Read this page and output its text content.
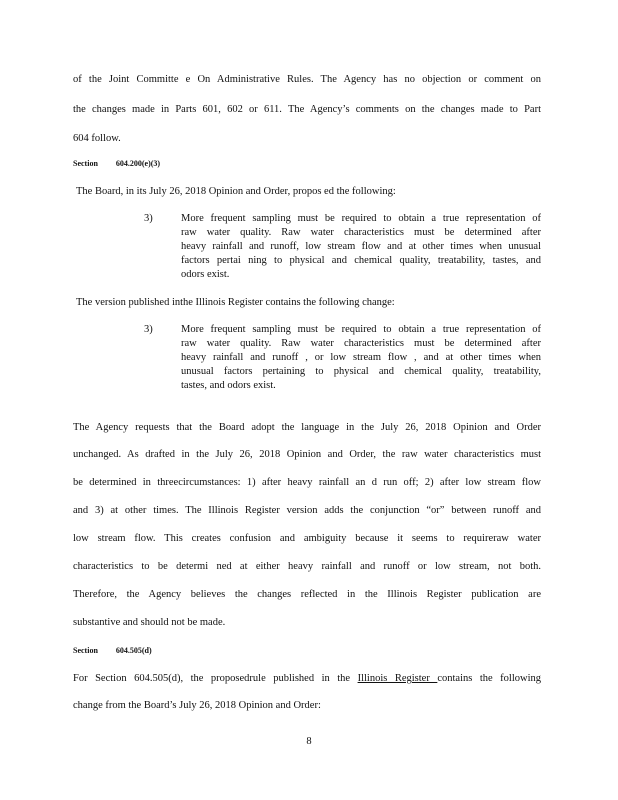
of the Joint Committe e On Administrative Rules. The Agency has no objection or comment on
the changes made in Parts 601, 602 or 611. The Agency’s comments on the changes made to Part
604 follow.
Section 604.200(e)(3)
The Board, in its July 26, 2018 Opinion and Order, propos ed the following:
3)	More frequent sampling must be required to obtain a true representation of
raw water quality. Raw water characteristics must be determined after
heavy rainfall and runoff, low stream flow and at other times when unusual
factors pertai ning to physical and chemical quality, treatability, tastes, and
odors exist.
The version published inthe Illinois Register contains the following change:
3)	More frequent sampling must be required to obtain a true representation of
raw water quality. Raw water characteristics must be determined after
heavy rainfall and runoff , or low stream flow , and at other times when
unusual factors pertaining to physical and chemical quality, treatability,
tastes, and odors exist.
The Agency requests that the Board adopt the language in the July 26, 2018 Opinion and Order
unchanged. As drafted in the July 26, 2018 Opinion and Order, the raw water characteristics must
be determined in threecircumstances: 1) after heavy rainfall an d run off; 2) after low stream flow
and 3) at other times. The Illinois Register version adds the conjunction “or” between runoff and
low stream flow. This creates confusion and ambiguity because it seems to requireraw water
characteristics to be determi ned at either heavy rainfall and runoff or low stream, not both.
Therefore, the Agency believes the changes reflected in the Illinois Register publication are
substantive and should not be made.
Section 604.505(d)
For Section 604.505(d), the proposedrule published in the Illinois Register contains the following
change from the Board’s July 26, 2018 Opinion and Order:
8
